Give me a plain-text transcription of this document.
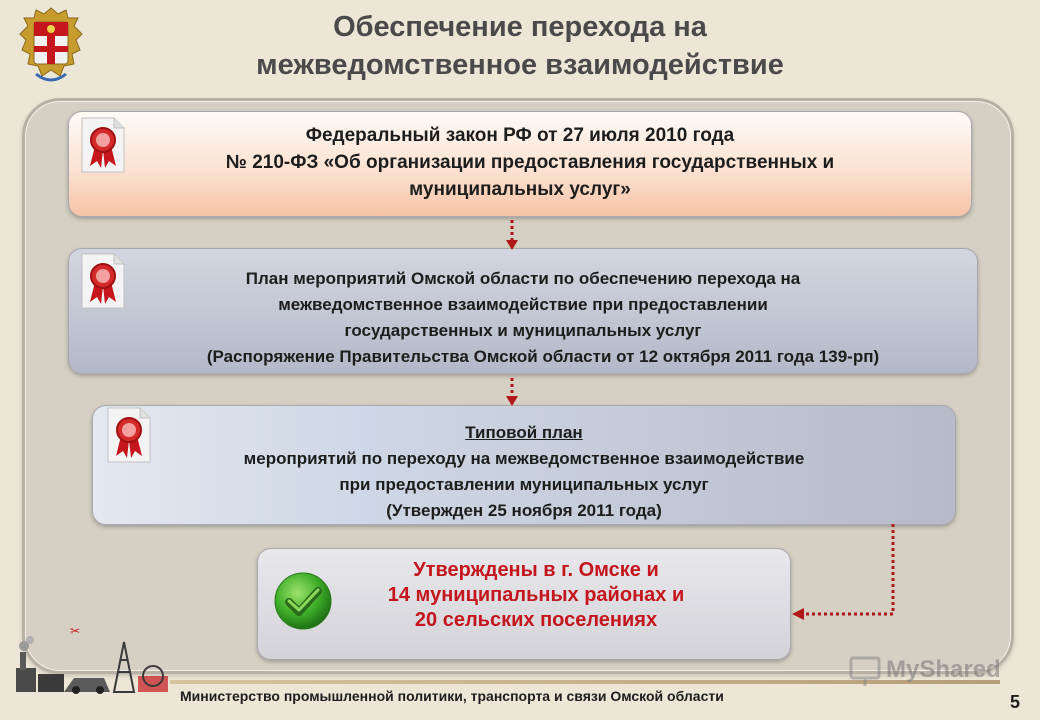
Обеспечение перехода на
межведомственное взаимодействие
Федеральный закон РФ от 27 июля 2010 года
№ 210-ФЗ «Об организации предоставления государственных и
муниципальных услуг»
План мероприятий Омской области по обеспечению перехода на
межведомственное взаимодействие при предоставлении
государственных и муниципальных услуг
(Распоряжение Правительства Омской области от 12 октября 2011 года 139-рп)
Типовой план
мероприятий по переходу на межведомственное взаимодействие
при предоставлении муниципальных услуг
(Утвержден 25 ноября 2011 года)
Утверждены в г. Омске и
14 муниципальных районах и
20 сельских поселениях
✂
Министерство промышленной политики, транспорта и связи Омской области
MyShared
5
